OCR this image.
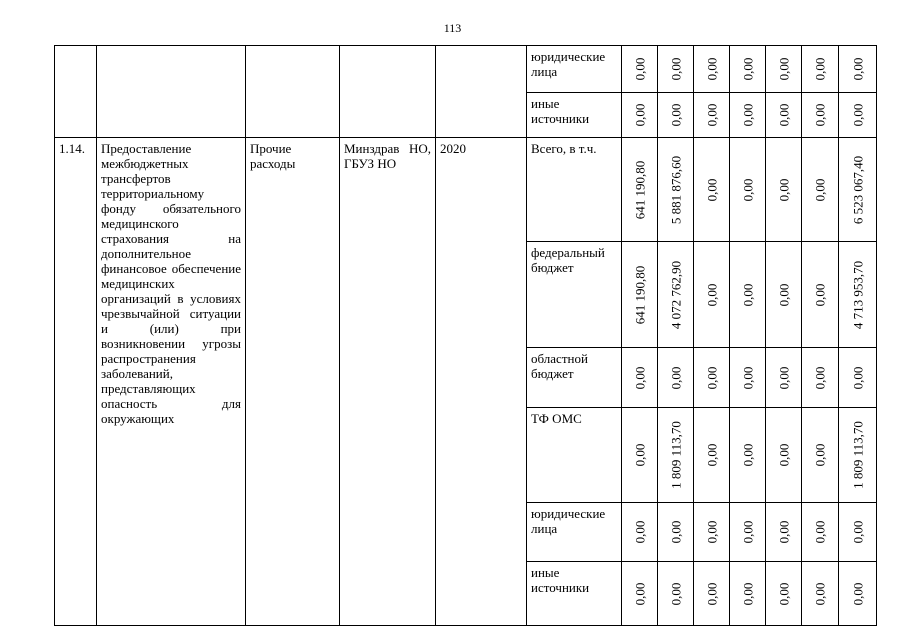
113
					юридические лица	0,00	0,00	0,00	0,00	0,00	0,00	0,00

					иные источники	0,00	0,00	0,00	0,00	0,00	0,00	0,00

1.14.	Предоставление межбюджетных трансфертов территориальному фонду обязательного медицинского страхования на дополнительное финансовое обеспечение медицинских организаций в условиях чрезвычайной ситуации и (или) при возникновении угрозы распространения заболеваний, представляющих опасность для окружающих	Прочие расходы	Минздрав НО, ГБУЗ НО	2020	Всего, в т.ч.	641 190,80	5 881 876,60	0,00	0,00	0,00	0,00	6 523 067,40

					федеральный бюджет	641 190,80	4 072 762,90	0,00	0,00	0,00	0,00	4 713 953,70

					областной бюджет	0,00	0,00	0,00	0,00	0,00	0,00	0,00

					ТФ ОМС	0,00	1 809 113,70	0,00	0,00	0,00	0,00	1 809 113,70

					юридические лица	0,00	0,00	0,00	0,00	0,00	0,00	0,00

					иные источники	0,00	0,00	0,00	0,00	0,00	0,00	0,00
